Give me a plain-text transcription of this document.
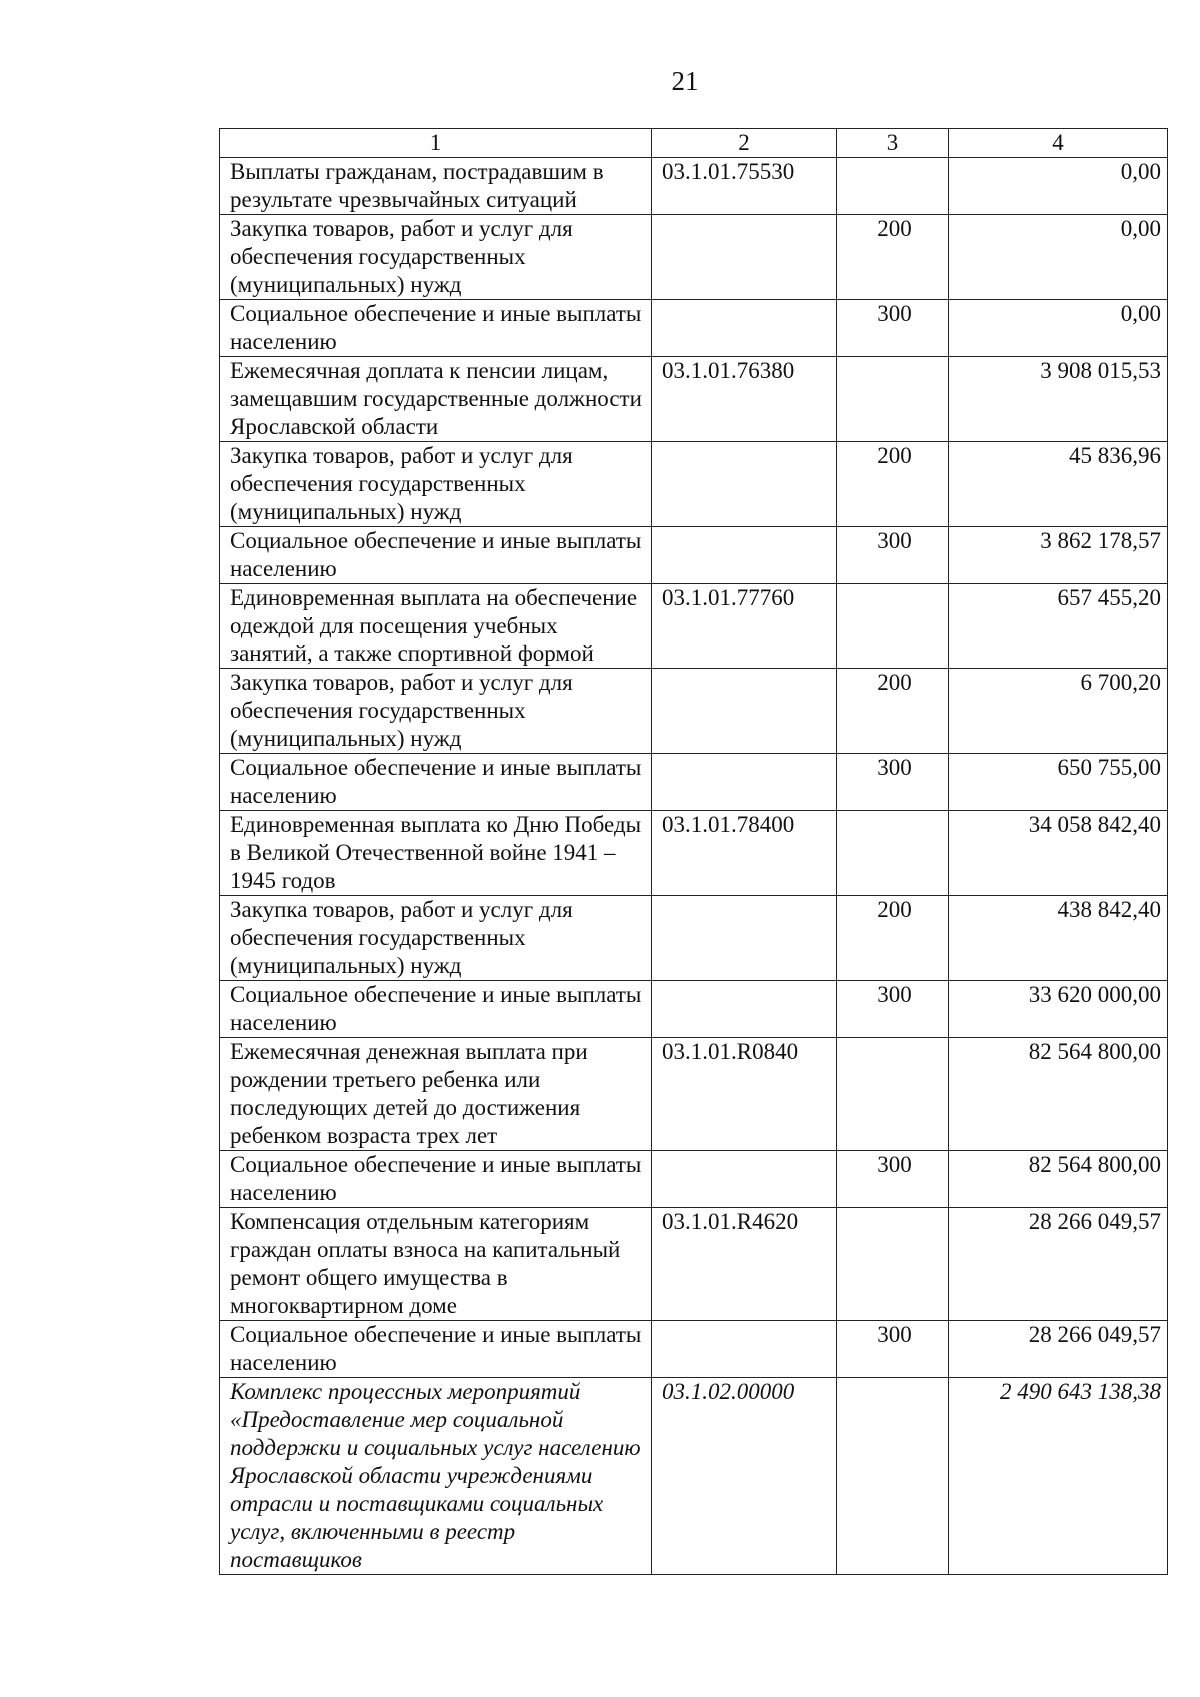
21
1	2	3	4
Выплаты гражданам, пострадавшим в результате чрезвычайных ситуаций	03.1.01.75530		0,00
Закупка товаров, работ и услуг для обеспечения государственных (муниципальных) нужд		200	0,00
Социальное обеспечение и иные выплаты населению		300	0,00
Ежемесячная доплата к пенсии лицам, замещавшим государственные должности Ярославской области	03.1.01.76380		3 908 015,53
Закупка товаров, работ и услуг для обеспечения государственных (муниципальных) нужд		200	45 836,96
Социальное обеспечение и иные выплаты населению		300	3 862 178,57
Единовременная выплата на обеспечение одеждой для посещения учебных занятий, а также спортивной формой	03.1.01.77760		657 455,20
Закупка товаров, работ и услуг для обеспечения государственных (муниципальных) нужд		200	6 700,20
Социальное обеспечение и иные выплаты населению		300	650 755,00
Единовременная выплата ко Дню Победы в Великой Отечественной войне 1941 – 1945 годов	03.1.01.78400		34 058 842,40
Закупка товаров, работ и услуг для обеспечения государственных (муниципальных) нужд		200	438 842,40
Социальное обеспечение и иные выплаты населению		300	33 620 000,00
Ежемесячная денежная выплата при рождении третьего ребенка или последующих детей до достижения ребенком возраста трех лет	03.1.01.R0840		82 564 800,00
Социальное обеспечение и иные выплаты населению		300	82 564 800,00
Компенсация отдельным категориям граждан оплаты взноса на капитальный ремонт общего имущества в многоквартирном доме	03.1.01.R4620		28 266 049,57
Социальное обеспечение и иные выплаты населению		300	28 266 049,57
Комплекс процессных мероприятий «Предоставление мер социальной поддержки и социальных услуг населению Ярославской области учреждениями отрасли и поставщиками социальных услуг, включенными в реестр поставщиков	03.1.02.00000		2 490 643 138,38
